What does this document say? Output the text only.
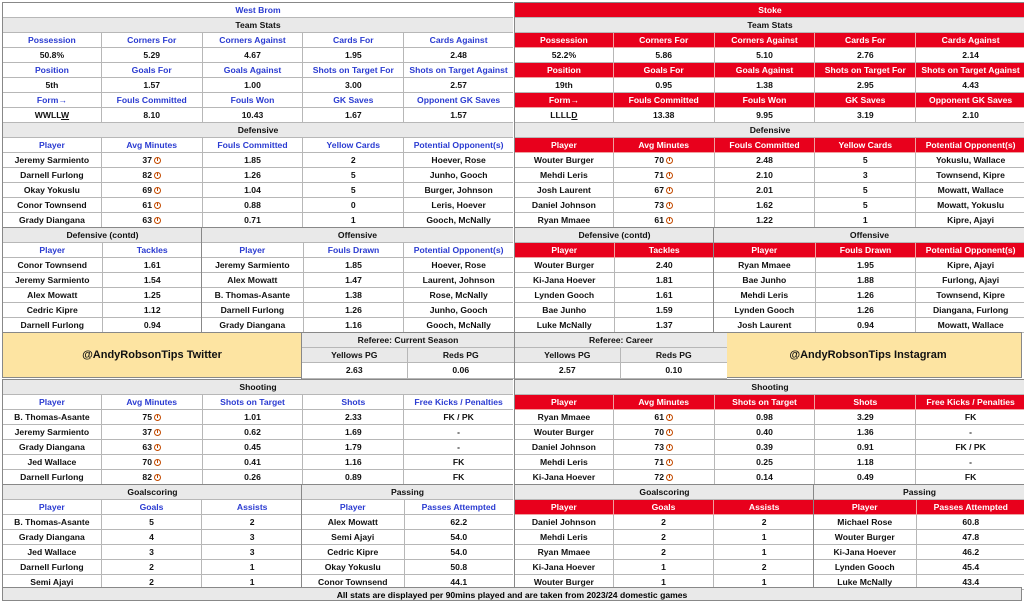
West Brom
Team Stats
Possession	Corners For	Corners Against	Cards For	Cards Against
50.8%	5.29	4.67	1.95	2.48
Position	Goals For	Goals Against	Shots on Target For	Shots on Target Against
5th	1.57	1.00	3.00	2.57
Form→	Fouls Committed	Fouls Won	GK Saves	Opponent GK Saves
WWLLW	8.10	10.43	1.67	1.57
Defensive
Player	Avg Minutes	Fouls Committed	Yellow Cards	Potential Opponent(s)
Jeremy Sarmiento	37	1.85	2	Hoever, Rose
Darnell Furlong	82	1.26	5	Junho, Gooch
Okay Yokuslu	69	1.04	5	Burger, Johnson
Conor Townsend	61	0.88	0	Leris, Hoever
Grady Diangana	63	0.71	1	Gooch, McNally
Stoke
Team Stats
Possession	Corners For	Corners Against	Cards For	Cards Against
52.2%	5.86	5.10	2.76	2.14
Position	Goals For	Goals Against	Shots on Target For	Shots on Target Against
19th	0.95	1.38	2.95	4.43
Form→	Fouls Committed	Fouls Won	GK Saves	Opponent GK Saves
LLLLD	13.38	9.95	3.19	2.10
Defensive
Player	Avg Minutes	Fouls Committed	Yellow Cards	Potential Opponent(s)
Wouter Burger	70	2.48	5	Yokuslu, Wallace
Mehdi Leris	71	2.10	3	Townsend, Kipre
Josh Laurent	67	2.01	5	Mowatt, Wallace
Daniel Johnson	73	1.62	5	Mowatt, Yokuslu
Ryan Mmaee	61	1.22	1	Kipre, Ajayi
Defensive (contd)
Player	Tackles
Conor Townsend	1.61
Jeremy Sarmiento	1.54
Alex Mowatt	1.25
Cedric Kipre	1.12
Darnell Furlong	0.94
Offensive
Player	Fouls Drawn	Potential Opponent(s)
Jeremy Sarmiento	1.85	Hoever, Rose
Alex Mowatt	1.47	Laurent, Johnson
B. Thomas-Asante	1.38	Rose, McNally
Darnell Furlong	1.26	Junho, Gooch
Grady Diangana	1.16	Gooch, McNally
Defensive (contd)
Player	Tackles
Wouter Burger	2.40
Ki-Jana Hoever	1.81
Lynden Gooch	1.61
Bae Junho	1.59
Luke McNally	1.37
Offensive
Player	Fouls Drawn	Potential Opponent(s)
Ryan Mmaee	1.95	Kipre, Ajayi
Bae Junho	1.88	Furlong, Ajayi
Mehdi Leris	1.26	Townsend, Kipre
Lynden Gooch	1.26	Diangana, Furlong
Josh Laurent	0.94	Mowatt, Wallace
@AndyRobsonTips Twitter	@AndyRobsonTips Instagram
Referee: Current Season
Yellows PG	Reds PG
2.63	0.06
Referee: Career
Yellows PG	Reds PG
2.57	0.10
Shooting
Player	Avg Minutes	Shots on Target	Shots	Free Kicks / Penalties
B. Thomas-Asante	75	1.01	2.33	FK / PK
Jeremy Sarmiento	37	0.62	1.69	-
Grady Diangana	63	0.45	1.79	-
Jed Wallace	70	0.41	1.16	FK
Darnell Furlong	82	0.26	0.89	FK
Shooting
Player	Avg Minutes	Shots on Target	Shots	Free Kicks / Penalties
Ryan Mmaee	61	0.98	3.29	FK
Wouter Burger	70	0.40	1.36	-
Daniel Johnson	73	0.39	0.91	FK / PK
Mehdi Leris	71	0.25	1.18	-
Ki-Jana Hoever	72	0.14	0.49	FK
Goalscoring
Player	Goals	Assists
B. Thomas-Asante	5	2
Grady Diangana	4	3
Jed Wallace	3	3
Darnell Furlong	2	1
Semi Ajayi	2	1
Passing
Player	Passes Attempted
Alex Mowatt	62.2
Semi Ajayi	54.0
Cedric Kipre	54.0
Okay Yokuslu	50.8
Conor Townsend	44.1
Goalscoring
Player	Goals	Assists
Daniel Johnson	2	2
Mehdi Leris	2	1
Ryan Mmaee	2	1
Ki-Jana Hoever	1	2
Wouter Burger	1	1
Passing
Player	Passes Attempted
Michael Rose	60.8
Wouter Burger	47.8
Ki-Jana Hoever	46.2
Lynden Gooch	45.4
Luke McNally	43.4
All stats are displayed per 90mins played and are taken from 2023/24 domestic games
